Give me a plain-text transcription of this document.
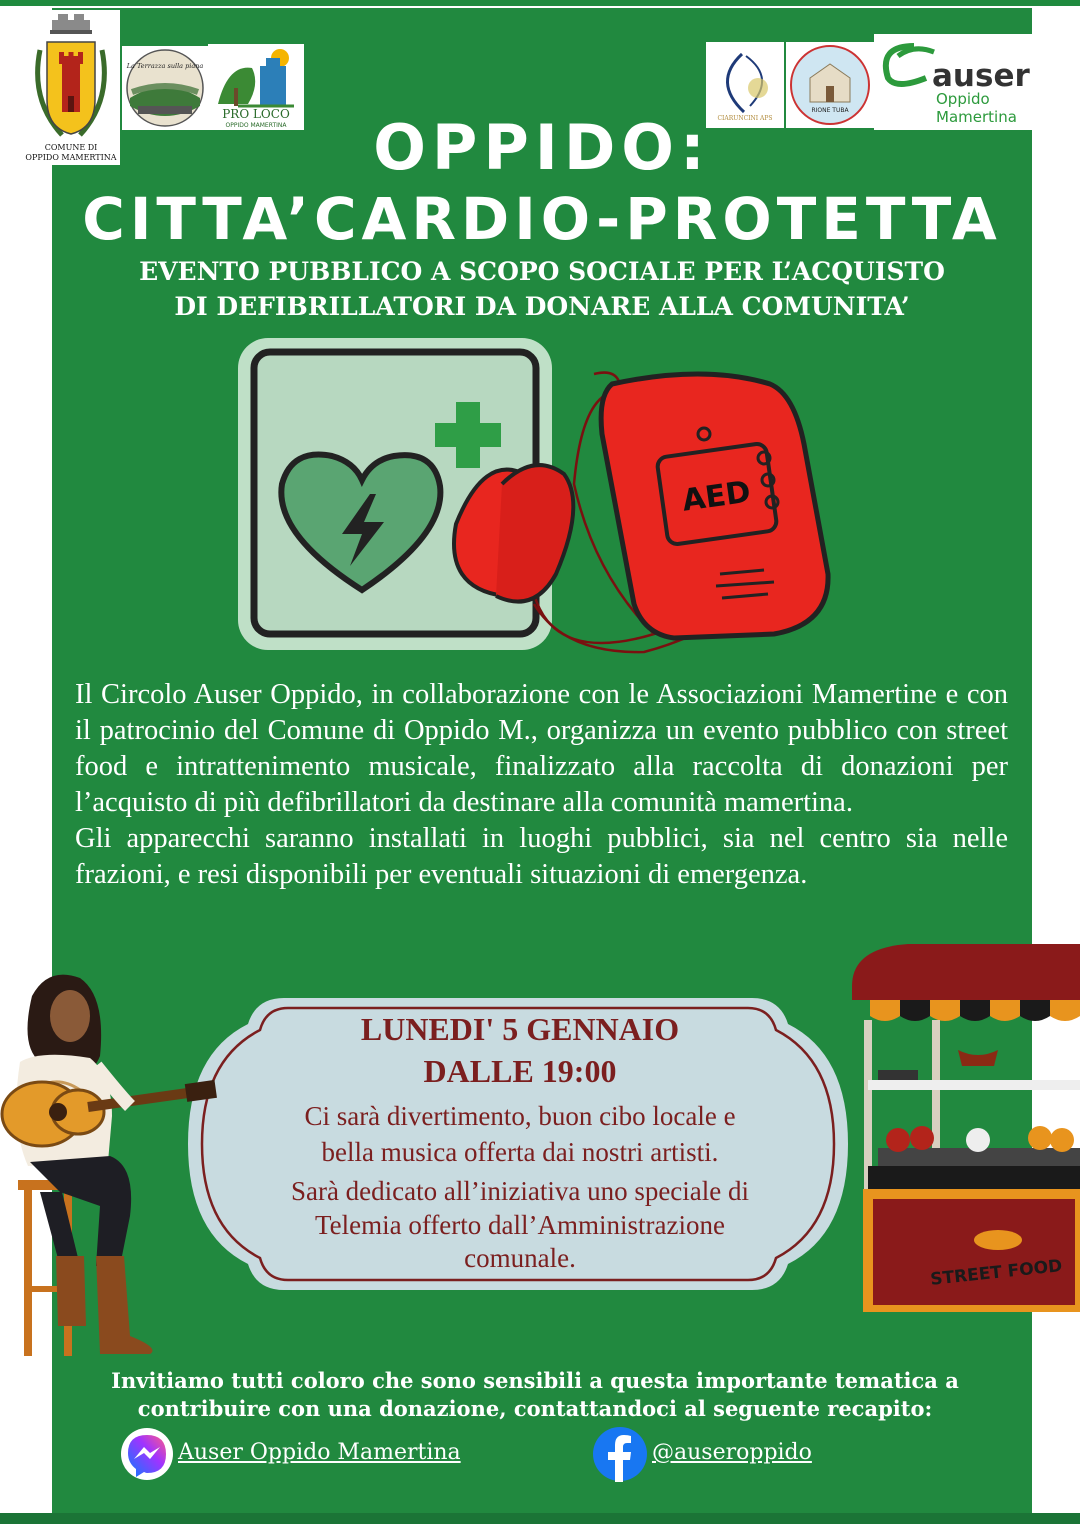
COMUNE DI
OPPIDO MAMERTINA
La Terrazza sulla piana
PRO LOCO
OPPIDO MAMERTINA
CIARUNCINI APS
RIONE TUBA
auser
Oppido
Mamertina
OPPIDO:
CITTA’CARDIO-PROTETTA
EVENTO PUBBLICO A SCOPO SOCIALE PER L’ACQUISTO
DI DEFIBRILLATORI DA DONARE ALLA COMUNITA’
AED

Il Circolo Auser Oppido, in collaborazione con le Associazioni Mamertine e con il patrocinio del Comune di Oppido M., organizza un evento pubblico con street food e intrattenimento musicale, finalizzato alla raccolta di donazioni per l’acquisto di più defibrillatori da destinare alla comunità mamertina.

Gli apparecchi saranno installati in luoghi pubblici, sia nel centro sia nelle frazioni, e resi disponibili per eventuali situazioni di emergenza.

LUNEDI' 5 GENNAIO
DALLE 19:00
Ci sarà divertimento, buon cibo locale e
bella musica offerta dai nostri artisti.
Sarà dedicato all’iniziativa uno speciale di
Telemia offerto dall’Amministrazione
comunale.	STREET FOOD
Invitiamo tutti coloro che sono sensibili a questa importante tematica a
contribuire con una donazione, contattandoci al seguente recapito:
Auser Oppido Mamertina	@auseroppido
